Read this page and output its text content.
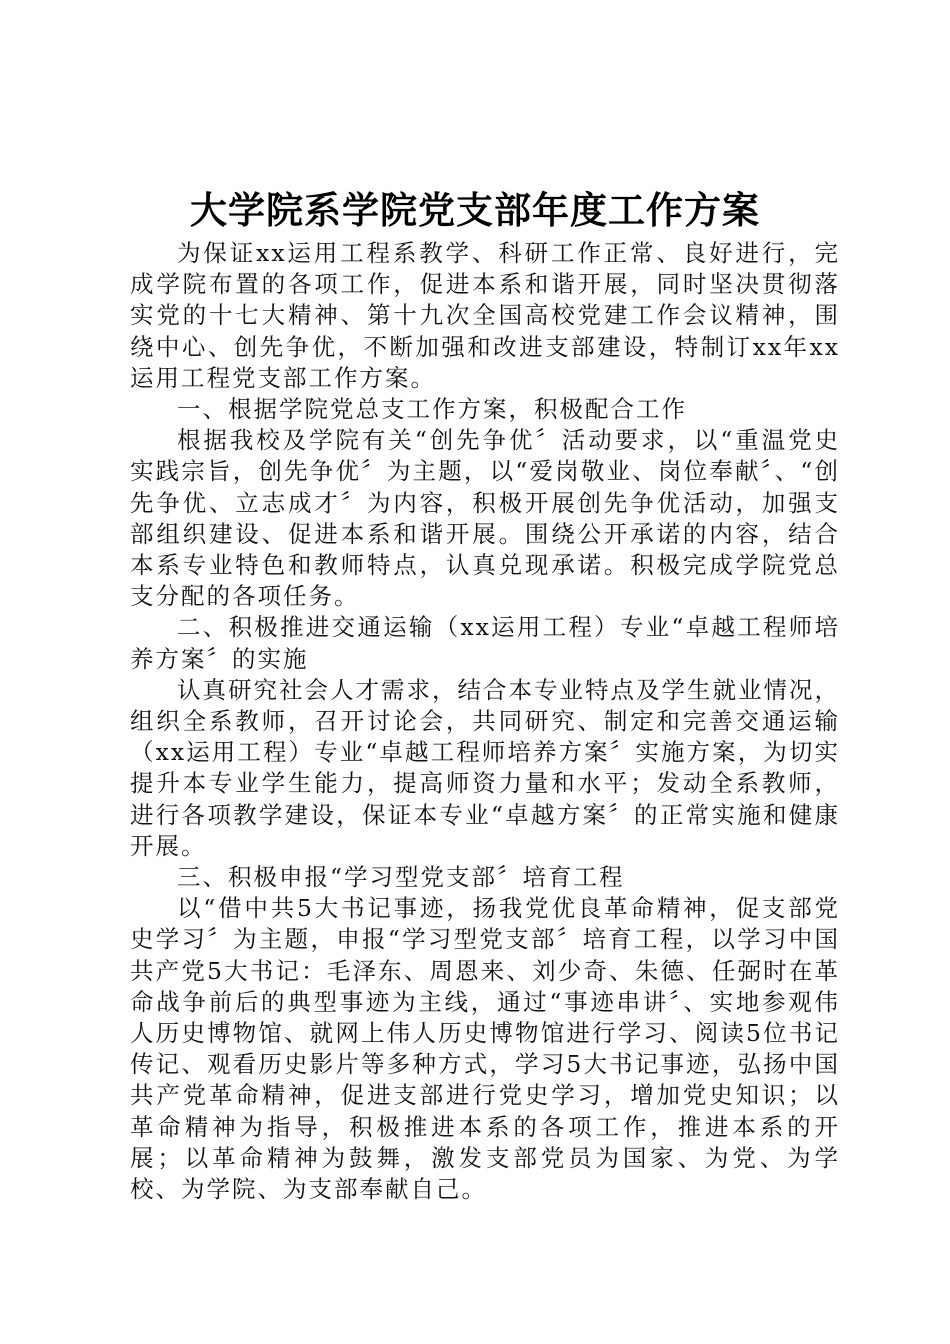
大学院系学院党支部年度工作方案

为保证xx运用工程系教学、科研工作正常、良好进行，完成学院布置的各项工作，促进本系和谐开展，同时坚决贯彻落实党的十七大精神、第十九次全国高校党建工作会议精神，围绕中心、创先争优，不断加强和改进支部建设，特制订xx年xx运用工程党支部工作方案。

一、根据学院党总支工作方案，积极配合工作

根据我校及学院有关“创先争优〞活动要求，以“重温党史实践宗旨，创先争优〞为主题，以“爱岗敬业、岗位奉献〞、“创先争优、立志成才〞为内容，积极开展创先争优活动，加强支部组织建设、促进本系和谐开展。围绕公开承诺的内容，结合本系专业特色和教师特点，认真兑现承诺。积极完成学院党总支分配的各项任务。

二、积极推进交通运输（xx运用工程）专业“卓越工程师培养方案〞的实施

认真研究社会人才需求，结合本专业特点及学生就业情况，组织全系教师，召开讨论会，共同研究、制定和完善交通运输（xx运用工程）专业“卓越工程师培养方案〞实施方案，为切实提升本专业学生能力，提高师资力量和水平；发动全系教师，进行各项教学建设，保证本专业“卓越方案〞的正常实施和健康开展。

三、积极申报“学习型党支部〞培育工程

以“借中共5大书记事迹，扬我党优良革命精神，促支部党史学习〞为主题，申报“学习型党支部〞培育工程，以学习中国共产党5大书记：毛泽东、周恩来、刘少奇、朱德、任弼时在革命战争前后的典型事迹为主线，通过“事迹串讲〞、实地参观伟人历史博物馆、就网上伟人历史博物馆进行学习、阅读5位书记传记、观看历史影片等多种方式，学习5大书记事迹，弘扬中国共产党革命精神，促进支部进行党史学习，增加党史知识；以革命精神为指导，积极推进本系的各项工作，推进本系的开展；以革命精神为鼓舞，激发支部党员为国家、为党、为学校、为学院、为支部奉献自己。
